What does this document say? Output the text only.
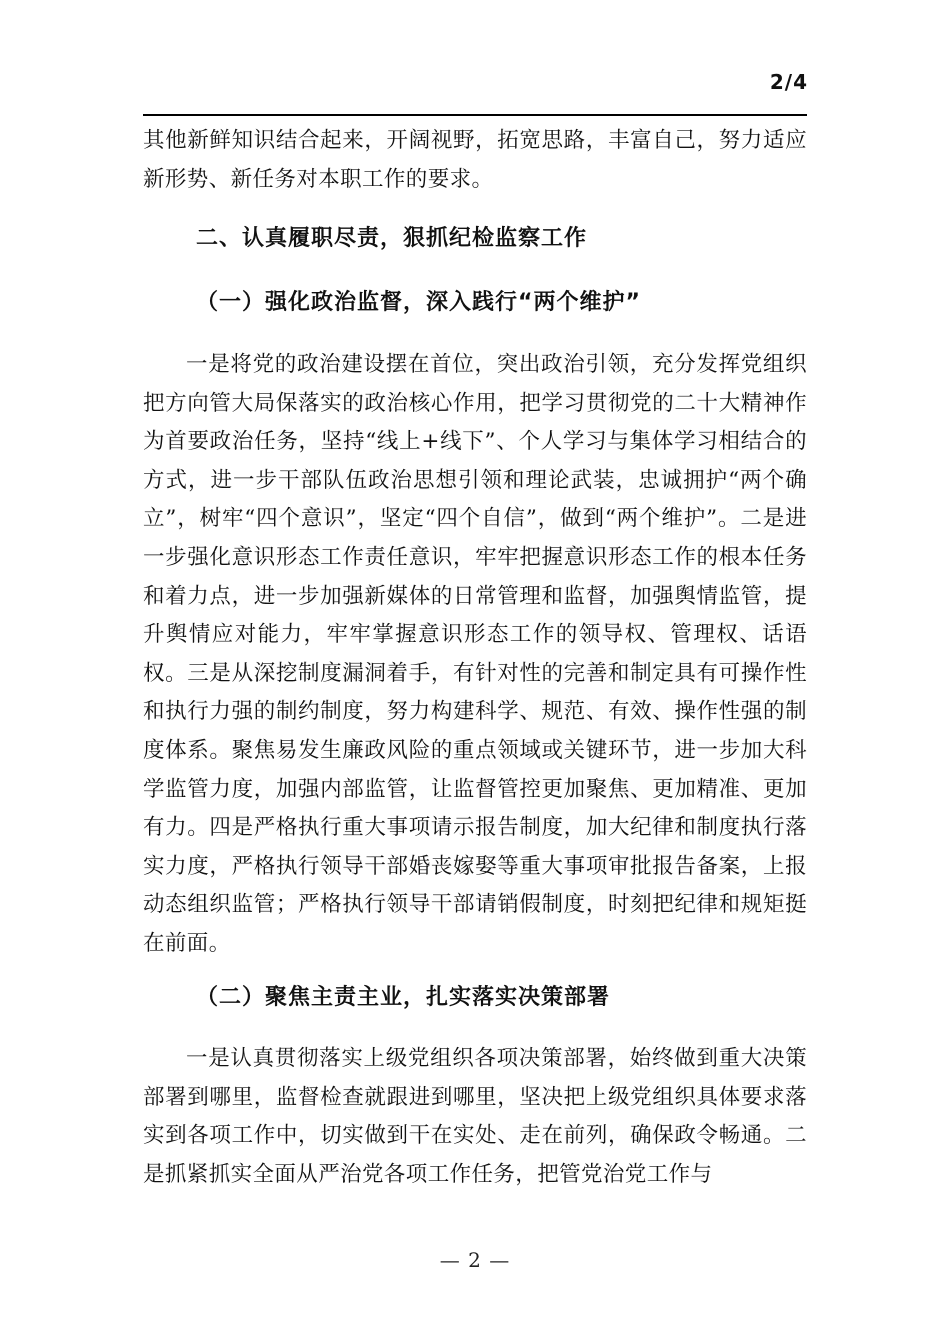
2/4

其他新鲜知识结合起来，开阔视野，拓宽思路，丰富自己，努力适应新形势、新任务对本职工作的要求。

二、认真履职尽责，狠抓纪检监察工作
（一）强化政治监督，深入践行“两个维护”

一是将党的政治建设摆在首位，突出政治引领，充分发挥党组织把方向管大局保落实的政治核心作用，把学习贯彻党的二十大精神作为首要政治任务，坚持“线上+线下”、个人学习与集体学习相结合的方式，进一步干部队伍政治思想引领和理论武装，忠诚拥护“两个确立”，树牢“四个意识”，坚定“四个自信”，做到“两个维护”。二是进一步强化意识形态工作责任意识，牢牢把握意识形态工作的根本任务和着力点，进一步加强新媒体的日常管理和监督，加强舆情监管，提升舆情应对能力，牢牢掌握意识形态工作的领导权、管理权、话语权。三是从深挖制度漏洞着手，有针对性的完善和制定具有可操作性和执行力强的制约制度，努力构建科学、规范、有效、操作性强的制度体系。聚焦易发生廉政风险的重点领域或关键环节，进一步加大科学监管力度，加强内部监管，让监督管控更加聚焦、更加精准、更加有力。四是严格执行重大事项请示报告制度，加大纪律和制度执行落实力度，严格执行领导干部婚丧嫁娶等重大事项审批报告备案，上报动态组织监管；严格执行领导干部请销假制度，时刻把纪律和规矩挺在前面。

（二）聚焦主责主业，扎实落实决策部署

一是认真贯彻落实上级党组织各项决策部署，始终做到重大决策部署到哪里，监督检查就跟进到哪里，坚决把上级党组织具体要求落实到各项工作中，切实做到干在实处、走在前列，确保政令畅通。二是抓紧抓实全面从严治党各项工作任务，把管党治党工作与

— 2 —
